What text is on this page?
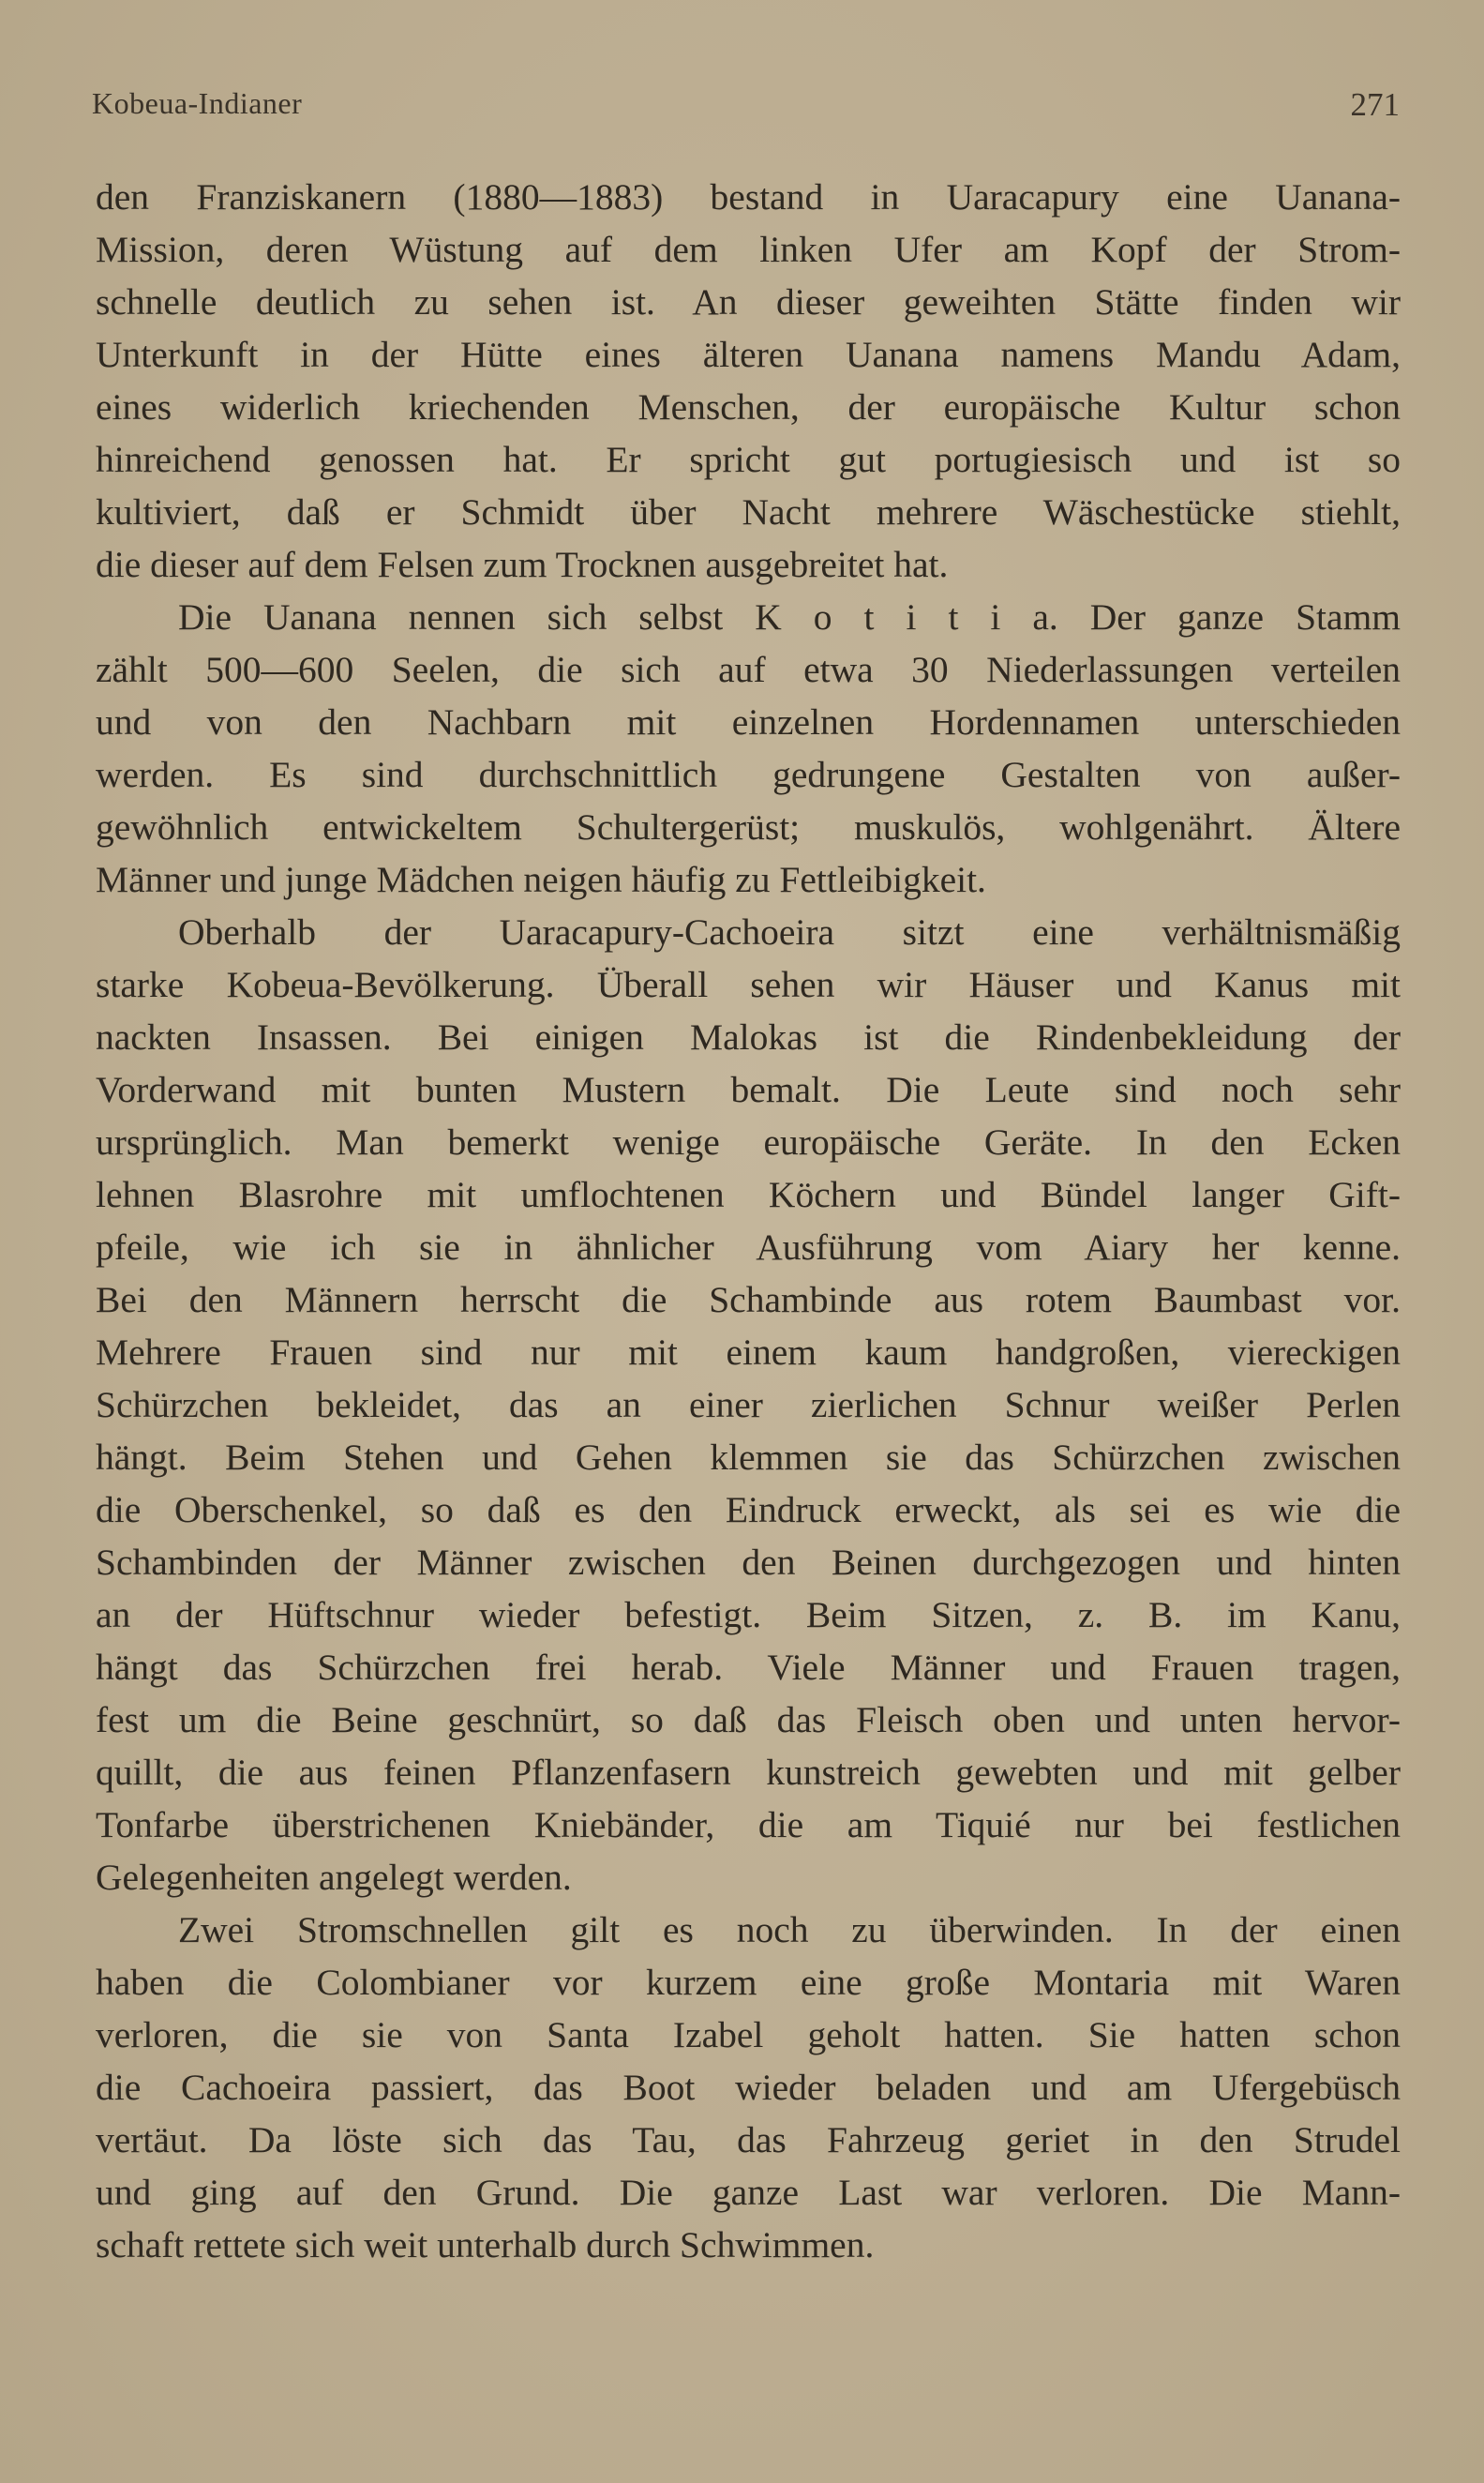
Kobeua-Indianer	271

den Franziskanern (1880—1883) bestand in Uaracapury eine Uanana-
Mission, deren Wüstung auf dem linken Ufer am Kopf der Strom-
schnelle deutlich zu sehen ist. An dieser geweihten Stätte finden wir
Unterkunft in der Hütte eines älteren Uanana namens Mandu Adam,
eines widerlich kriechenden Menschen, der europäische Kultur schon
hinreichend genossen hat. Er spricht gut portugiesisch und ist so
kultiviert, daß er Schmidt über Nacht mehrere Wäschestücke stiehlt,
die dieser auf dem Felsen zum Trocknen ausgebreitet hat.

Die Uanana nennen sich selbst K o t i t i a. Der ganze Stamm
zählt 500—600 Seelen, die sich auf etwa 30 Niederlassungen verteilen
und von den Nachbarn mit einzelnen Hordennamen unterschieden
werden. Es sind durchschnittlich gedrungene Gestalten von außer-
gewöhnlich entwickeltem Schultergerüst; muskulös, wohlgenährt. Ältere
Männer und junge Mädchen neigen häufig zu Fettleibigkeit.

Oberhalb der Uaracapury-Cachoeira sitzt eine verhältnismäßig
starke Kobeua-Bevölkerung. Überall sehen wir Häuser und Kanus mit
nackten Insassen. Bei einigen Malokas ist die Rindenbekleidung der
Vorderwand mit bunten Mustern bemalt. Die Leute sind noch sehr
ursprünglich. Man bemerkt wenige europäische Geräte. In den Ecken
lehnen Blasrohre mit umflochtenen Köchern und Bündel langer Gift-
pfeile, wie ich sie in ähnlicher Ausführung vom Aiary her kenne.
Bei den Männern herrscht die Schambinde aus rotem Baumbast vor.
Mehrere Frauen sind nur mit einem kaum handgroßen, viereckigen
Schürzchen bekleidet, das an einer zierlichen Schnur weißer Perlen
hängt. Beim Stehen und Gehen klemmen sie das Schürzchen zwischen
die Oberschenkel, so daß es den Eindruck erweckt, als sei es wie die
Schambinden der Männer zwischen den Beinen durchgezogen und hinten
an der Hüftschnur wieder befestigt. Beim Sitzen, z. B. im Kanu,
hängt das Schürzchen frei herab. Viele Männer und Frauen tragen,
fest um die Beine geschnürt, so daß das Fleisch oben und unten hervor-
quillt, die aus feinen Pflanzenfasern kunstreich gewebten und mit gelber
Tonfarbe überstrichenen Kniebänder, die am Tiquié nur bei festlichen
Gelegenheiten angelegt werden.

Zwei Stromschnellen gilt es noch zu überwinden. In der einen
haben die Colombianer vor kurzem eine große Montaria mit Waren
verloren, die sie von Santa Izabel geholt hatten. Sie hatten schon
die Cachoeira passiert, das Boot wieder beladen und am Ufergebüsch
vertäut. Da löste sich das Tau, das Fahrzeug geriet in den Strudel
und ging auf den Grund. Die ganze Last war verloren. Die Mann-
schaft rettete sich weit unterhalb durch Schwimmen.
